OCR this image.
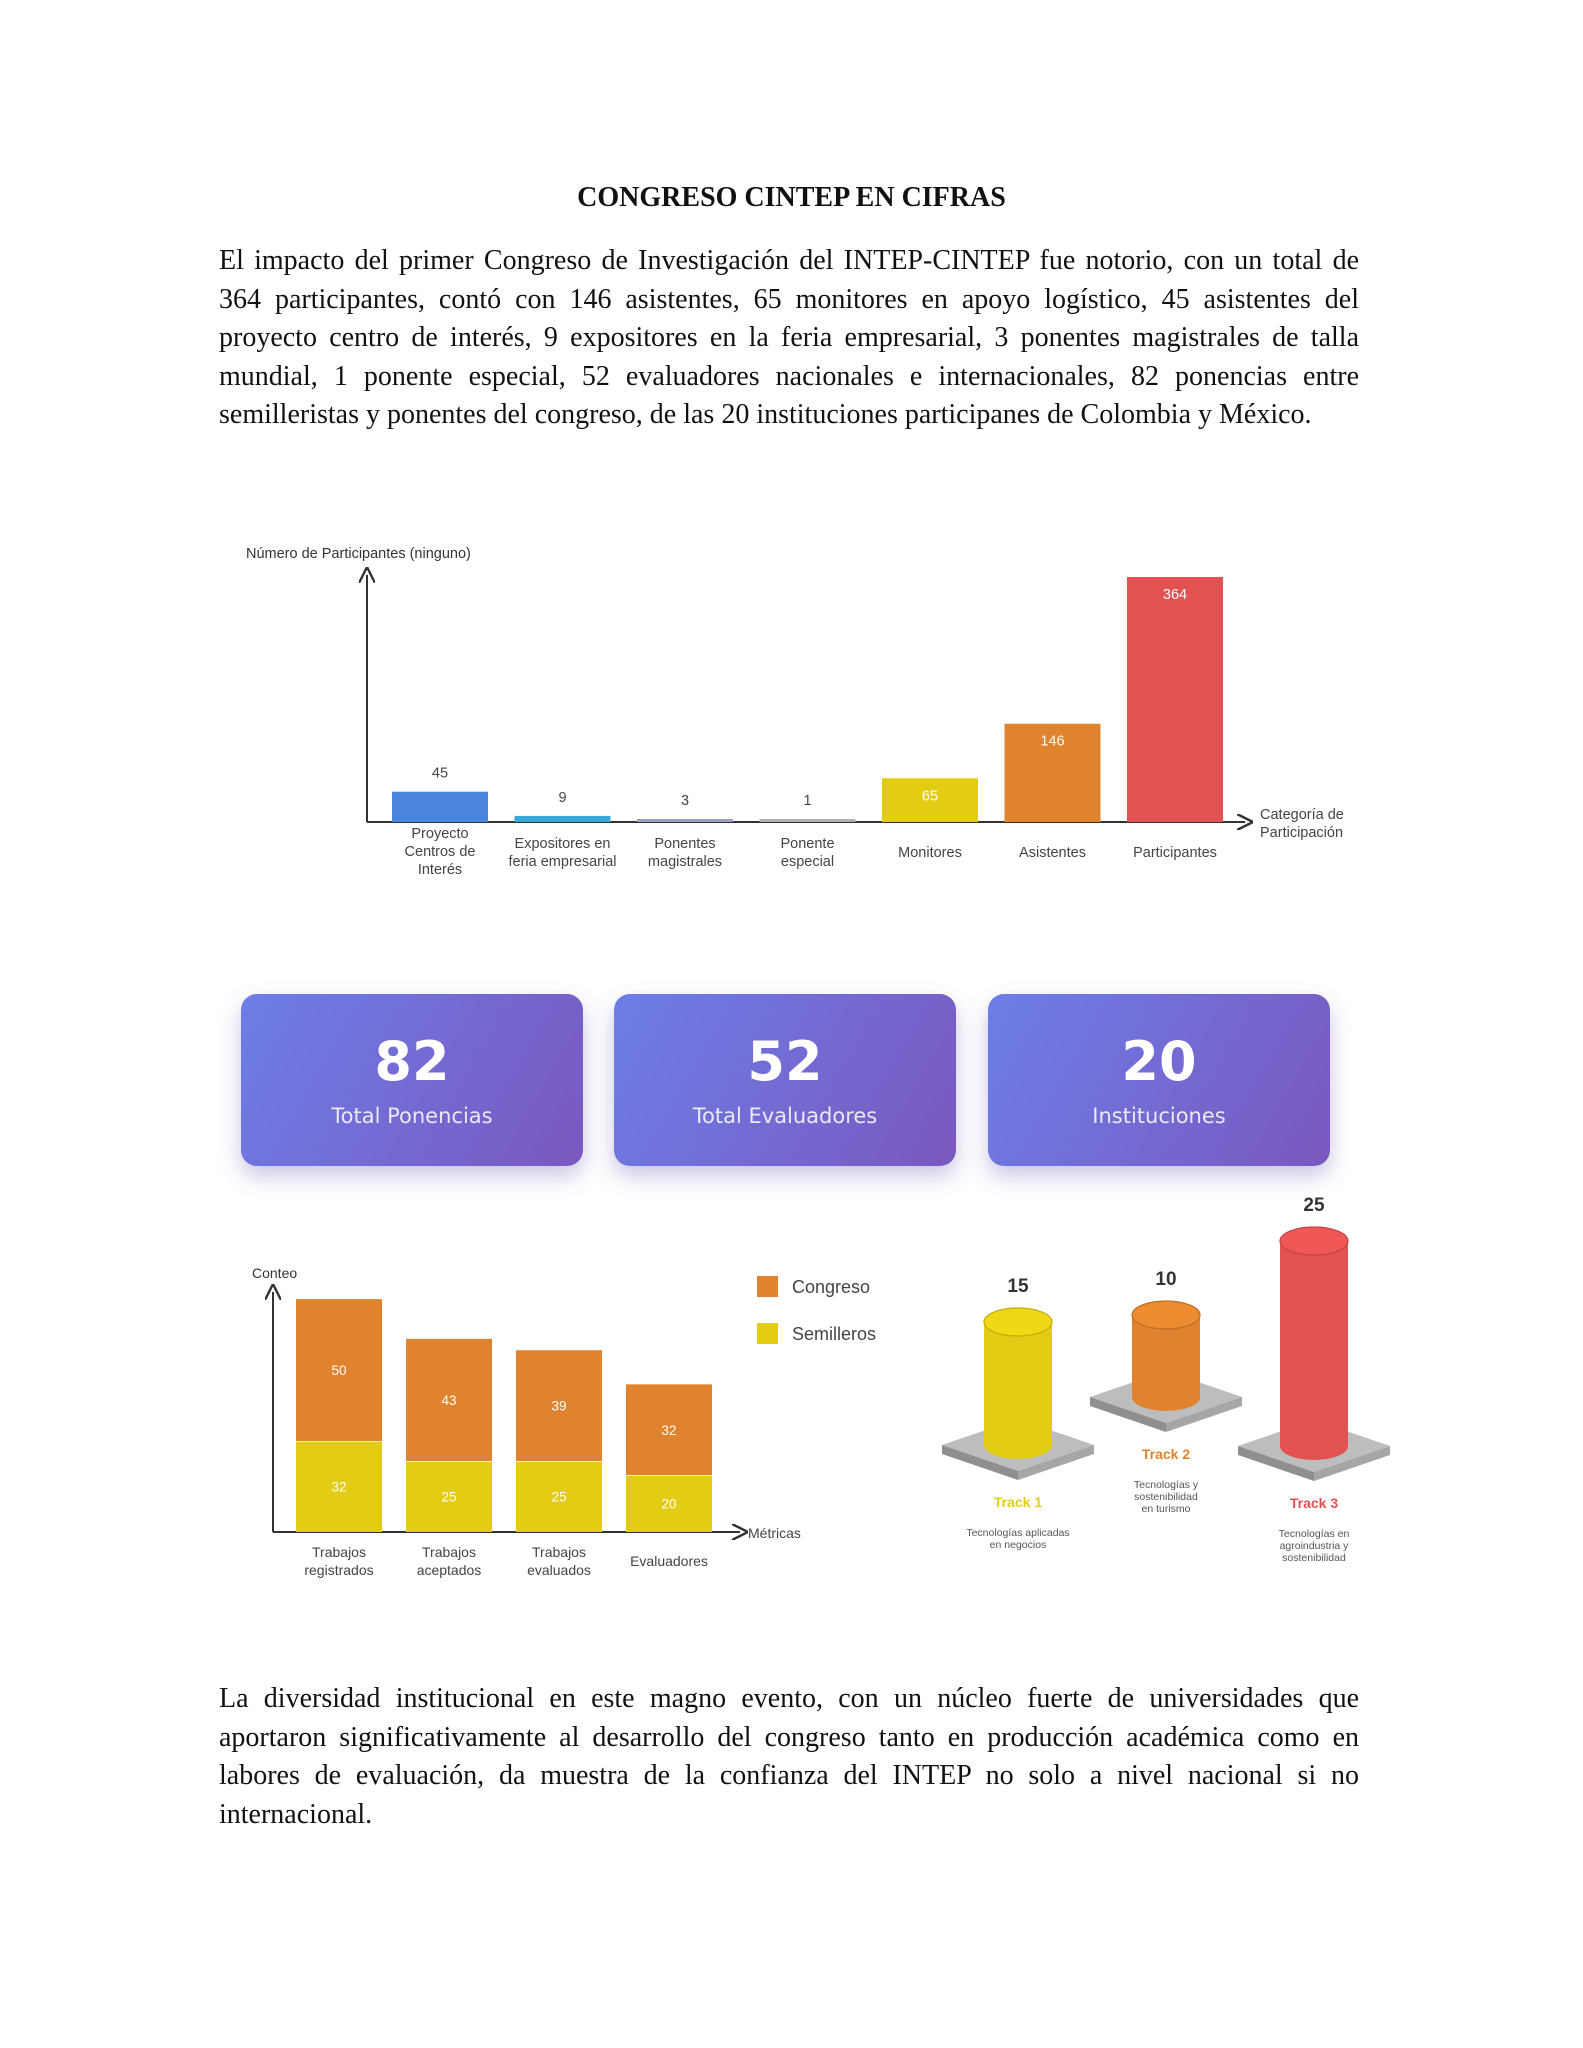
CONGRESO CINTEP EN CIFRAS
El impacto del primer Congreso de Investigación del INTEP-CINTEP fue notorio, con un total de 364 participantes, contó con 146 asistentes, 65 monitores en apoyo logístico, 45 asistentes del proyecto centro de interés, 9 expositores en la feria empresarial, 3 ponentes magistrales de talla mundial, 1 ponente especial, 52 evaluadores nacionales e internacionales, 82 ponencias entre semilleristas y ponentes del congreso, de las 20 instituciones participanes de Colombia y México.
Número de Participantes (ninguno)
45
Proyecto Centros de Interés
9
Expositores en feria empresarial
3
Ponentes magistrales
1
Ponente especial
65
Monitores
146
Asistentes
364
Participantes
Categoría de Participación
82
Total Ponencias
52
Total Evaluadores
20
Instituciones
Conteo
32
50
Trabajos registrados
25
43
Trabajos aceptados
25
39
Trabajos evaluados
20
32
Evaluadores
Métricas
Congreso
Semilleros
15
Track 1
Tecnologías aplicadas en negocios
10
Track 2
Tecnologías y sostenibilidad en turismo
25
Track 3
Tecnologías en agroindustria y sostenibilidad
La diversidad institucional en este magno evento, con un núcleo fuerte de universidades que aportaron significativamente al desarrollo del congreso tanto en producción académica como en labores de evaluación, da muestra de la confianza del INTEP no solo a nivel nacional si no internacional.
